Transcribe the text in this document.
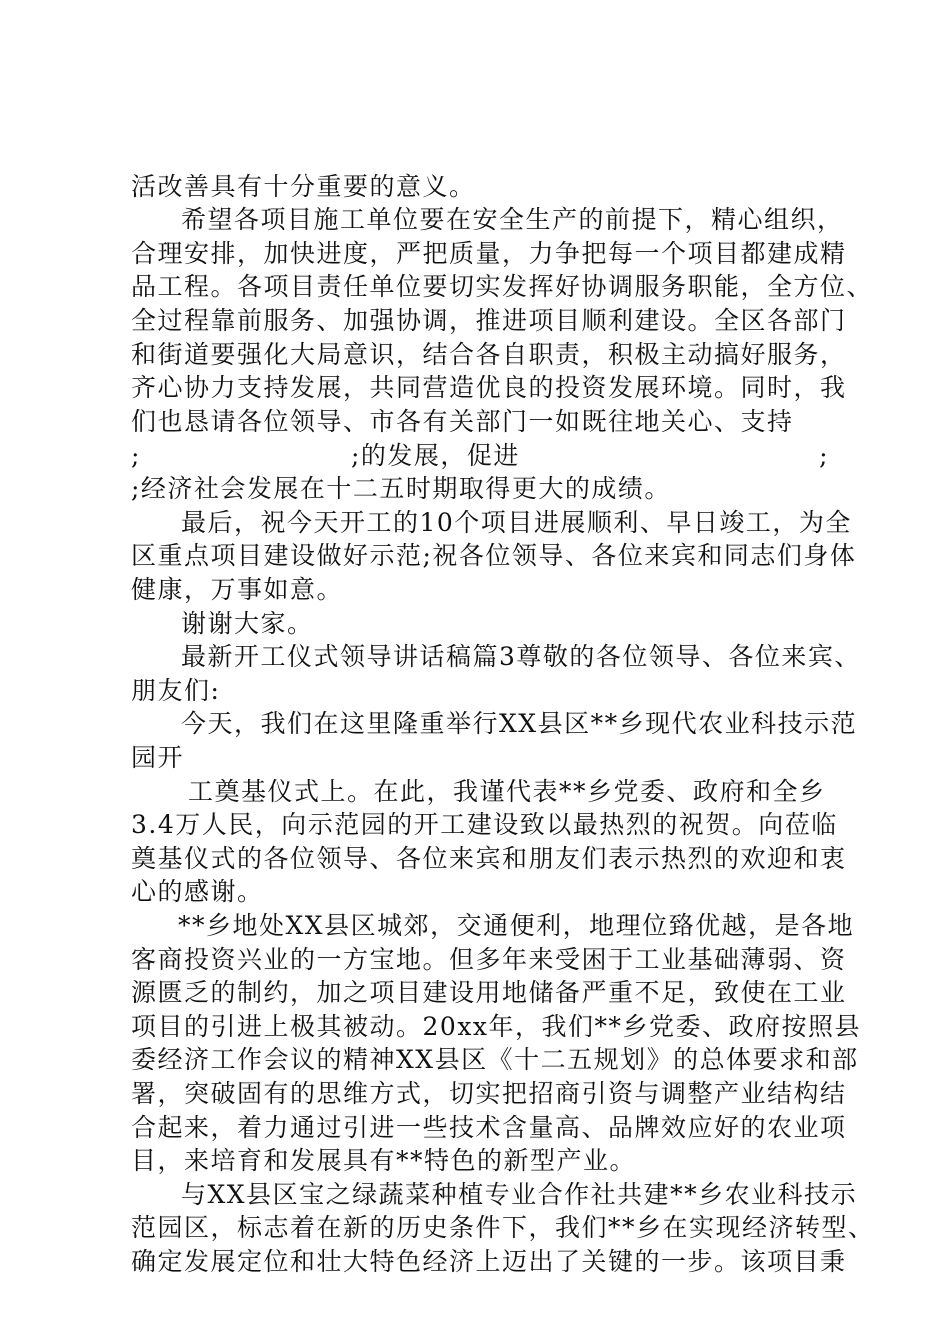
活改善具有十分重要的意义。
希望各项目施工单位要在安全生产的前提下，精心组织，
合理安排，加快进度，严把质量，力争把每一个项目都建成精
品工程。各项目责任单位要切实发挥好协调服务职能，全方位、
全过程靠前服务、加强协调，推进项目顺利建设。全区各部门
和街道要强化大局意识，结合各自职责，积极主动搞好服务，
齐心协力支持发展，共同营造优良的投资发展环境。同时，我
们也恳请各位领导、市各有关部门一如既往地关心、支持
;	;的发展，促进	;
;经济社会发展在十二五时期取得更大的成绩。
最后，祝今天开工的10个项目进展顺利、早日竣工，为全
区重点项目建设做好示范;祝各位领导、各位来宾和同志们身体
健康，万事如意。
谢谢大家。
最新开工仪式领导讲话稿篇3尊敬的各位领导、各位来宾、
朋友们:
今天，我们在这里隆重举行XX县区**乡现代农业科技示范
园开
工奠基仪式上。在此，我谨代表**乡党委、政府和全乡
3.4万人民，向示范园的开工建设致以最热烈的祝贺。向莅临
奠基仪式的各位领导、各位来宾和朋友们表示热烈的欢迎和衷
心的感谢。
**乡地处XX县区城郊，交通便利，地理位臵优越，是各地
客商投资兴业的一方宝地。但多年来受困于工业基础薄弱、资
源匮乏的制约，加之项目建设用地储备严重不足，致使在工业
项目的引进上极其被动。20xx年，我们**乡党委、政府按照县
委经济工作会议的精神XX县区《十二五规划》的总体要求和部
署，突破固有的思维方式，切实把招商引资与调整产业结构结
合起来，着力通过引进一些技术含量高、品牌效应好的农业项
目，来培育和发展具有**特色的新型产业。
与XX县区宝之绿蔬菜种植专业合作社共建**乡农业科技示
范园区，标志着在新的历史条件下，我们**乡在实现经济转型、
确定发展定位和壮大特色经济上迈出了关键的一步。该项目秉
